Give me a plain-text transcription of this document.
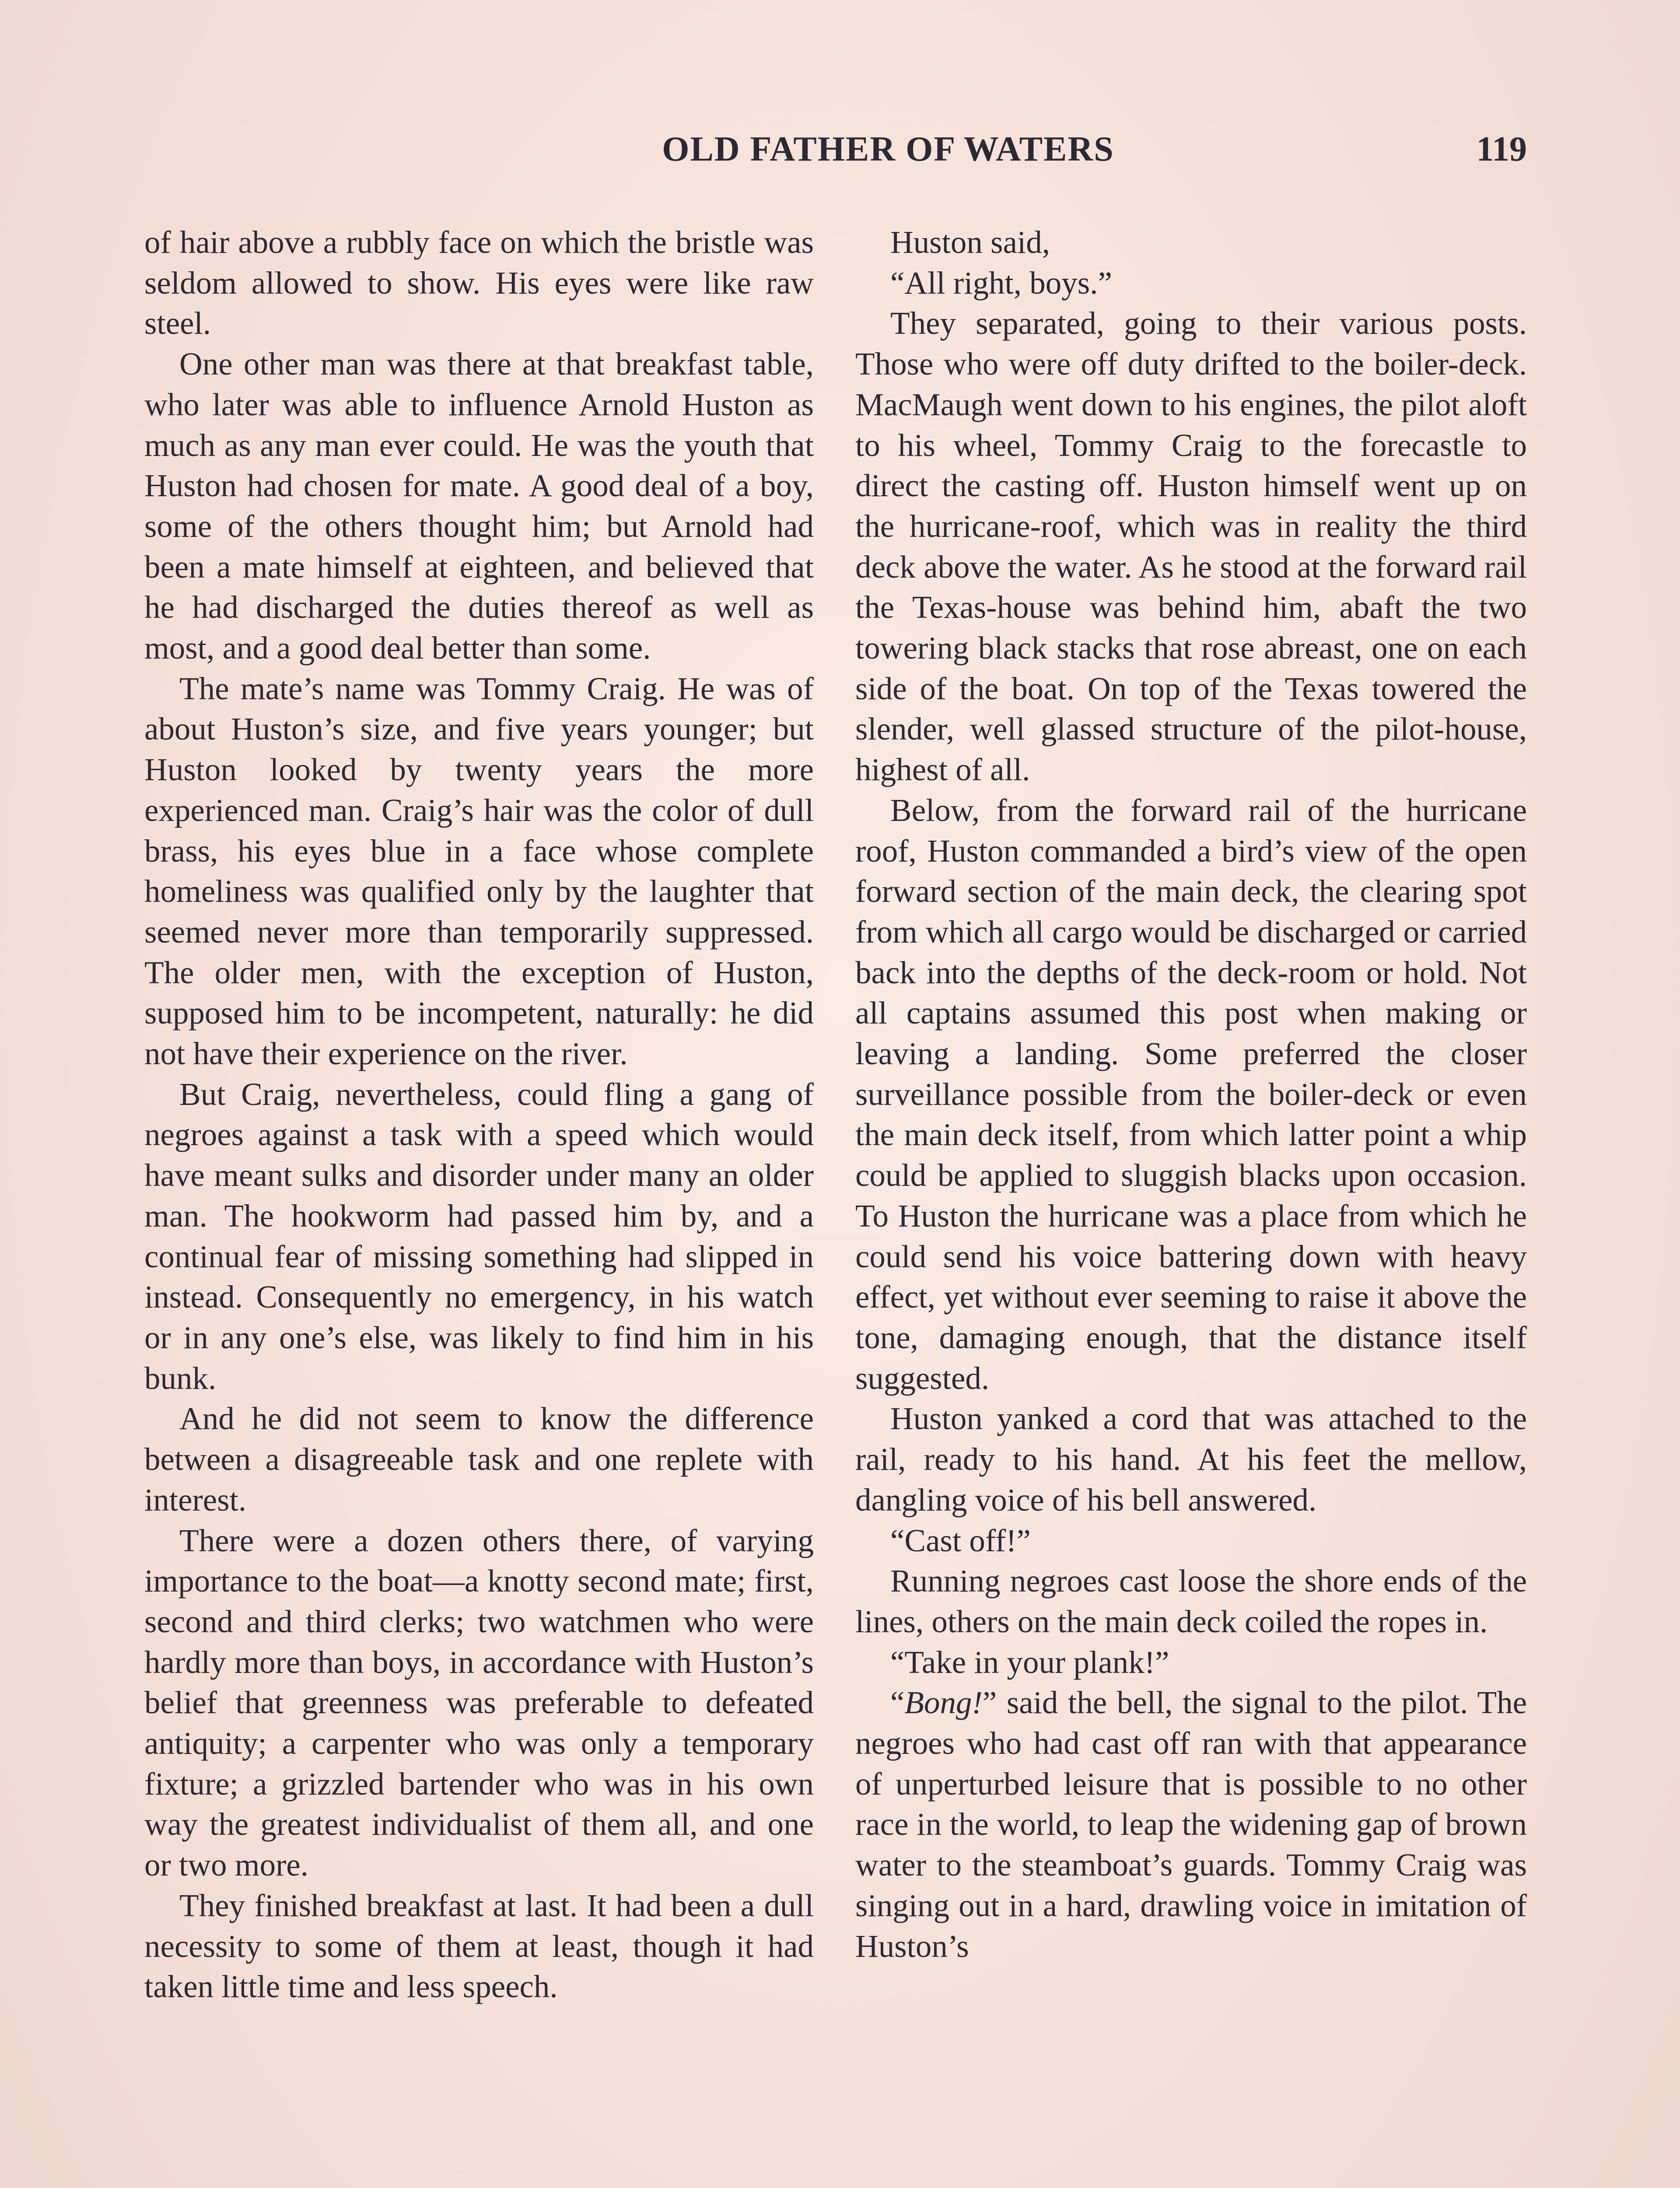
OLD FATHER OF WATERS	119

of hair above a rubbly face on which the bristle was seldom allowed to show. His eyes were like raw steel.

One other man was there at that breakfast table, who later was able to influence Arnold Huston as much as any man ever could. He was the youth that Huston had chosen for mate. A good deal of a boy, some of the others thought him; but Arnold had been a mate himself at eighteen, and believed that he had discharged the duties thereof as well as most, and a good deal better than some.

The mate’s name was Tommy Craig. He was of about Huston’s size, and five years younger; but Huston looked by twenty years the more experienced man. Craig’s hair was the color of dull brass, his eyes blue in a face whose complete homeliness was qualified only by the laughter that seemed never more than temporarily suppressed. The older men, with the exception of Huston, supposed him to be incompetent, naturally: he did not have their experience on the river.

But Craig, nevertheless, could fling a gang of negroes against a task with a speed which would have meant sulks and disorder under many an older man. The hookworm had passed him by, and a continual fear of missing something had slipped in instead. Consequently no emergency, in his watch or in any one’s else, was likely to find him in his bunk.

And he did not seem to know the difference between a disagreeable task and one replete with interest.

There were a dozen others there, of varying importance to the boat—a knotty second mate; first, second and third clerks; two watchmen who were hardly more than boys, in accordance with Huston’s belief that greenness was preferable to defeated antiquity; a carpenter who was only a temporary fixture; a grizzled bartender who was in his own way the greatest individualist of them all, and one or two more.

They finished breakfast at last. It had been a dull necessity to some of them at least, though it had taken little time and less speech.

Huston said,

“All right, boys.”

They separated, going to their various posts. Those who were off duty drifted to the boiler-deck. MacMaugh went down to his engines, the pilot aloft to his wheel, Tommy Craig to the forecastle to direct the casting off. Huston himself went up on the hurricane-roof, which was in reality the third deck above the water. As he stood at the forward rail the Texas-house was behind him, abaft the two towering black stacks that rose abreast, one on each side of the boat. On top of the Texas towered the slender, well glassed structure of the pilot-house, highest of all.

Below, from the forward rail of the hurricane roof, Huston commanded a bird’s view of the open forward section of the main deck, the clearing spot from which all cargo would be discharged or carried back into the depths of the deck-room or hold. Not all captains assumed this post when making or leaving a landing. Some preferred the closer surveillance possible from the boiler-deck or even the main deck itself, from which latter point a whip could be applied to sluggish blacks upon occasion. To Huston the hurricane was a place from which he could send his voice battering down with heavy effect, yet without ever seeming to raise it above the tone, damaging enough, that the distance itself suggested.

Huston yanked a cord that was attached to the rail, ready to his hand. At his feet the mellow, dangling voice of his bell answered.

“Cast off!”

Running negroes cast loose the shore ends of the lines, others on the main deck coiled the ropes in.

“Take in your plank!”

“Bong!” said the bell, the signal to the pilot. The negroes who had cast off ran with that appearance of unperturbed leisure that is possible to no other race in the world, to leap the widening gap of brown water to the steamboat’s guards. Tommy Craig was singing out in a hard, drawling voice in imitation of Huston’s
